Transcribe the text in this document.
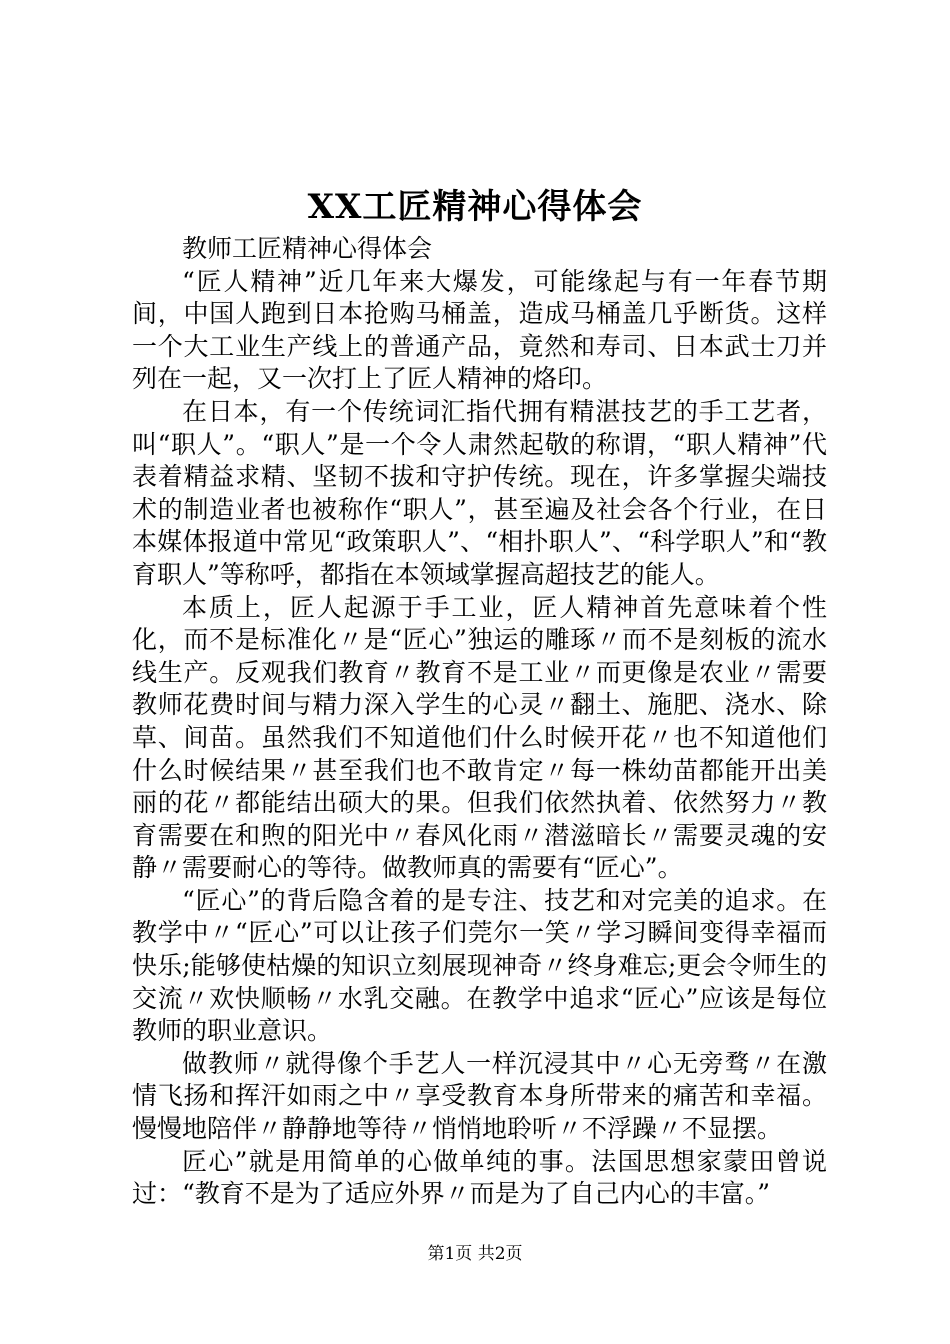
XX工匠精神心得体会

教师工匠精神心得体会

“匠人精神”近几年来大爆发，可能缘起与有一年春节期间，中国人跑到日本抢购马桶盖，造成马桶盖几乎断货。这样一个大工业生产线上的普通产品，竟然和寿司、日本武士刀并列在一起，又一次打上了匠人精神的烙印。

在日本，有一个传统词汇指代拥有精湛技艺的手工艺者，叫“职人”。“职人”是一个令人肃然起敬的称谓，“职人精神”代表着精益求精、坚韧不拔和守护传统。现在，许多掌握尖端技术的制造业者也被称作“职人”，甚至遍及社会各个行业，在日本媒体报道中常见“政策职人”、“相扑职人”、“科学职人”和“教育职人”等称呼，都指在本领域掌握高超技艺的能人。

本质上，匠人起源于手工业，匠人精神首先意味着个性化，而不是标准化〃是“匠心”独运的雕琢〃而不是刻板的流水线生产。反观我们教育〃教育不是工业〃而更像是农业〃需要教师花费时间与精力深入学生的心灵〃翻土、施肥、浇水、除草、间苗。虽然我们不知道他们什么时候开花〃也不知道他们什么时候结果〃甚至我们也不敢肯定〃每一株幼苗都能开出美丽的花〃都能结出硕大的果。但我们依然执着、依然努力〃教育需要在和煦的阳光中〃春风化雨〃潜滋暗长〃需要灵魂的安静〃需要耐心的等待。做教师真的需要有“匠心”。

“匠心”的背后隐含着的是专注、技艺和对完美的追求。在教学中〃“匠心”可以让孩子们莞尔一笑〃学习瞬间变得幸福而快乐;能够使枯燥的知识立刻展现神奇〃终身难忘;更会令师生的交流〃欢快顺畅〃水乳交融。在教学中追求“匠心”应该是每位教师的职业意识。

做教师〃就得像个手艺人一样沉浸其中〃心无旁骛〃在激情飞扬和挥汗如雨之中〃享受教育本身所带来的痛苦和幸福。慢慢地陪伴〃静静地等待〃悄悄地聆听〃不浮躁〃不显摆。

匠心”就是用简单的心做单纯的事。法国思想家蒙田曾说过：“教育不是为了适应外界〃而是为了自己内心的丰富。”

第1页 共2页
